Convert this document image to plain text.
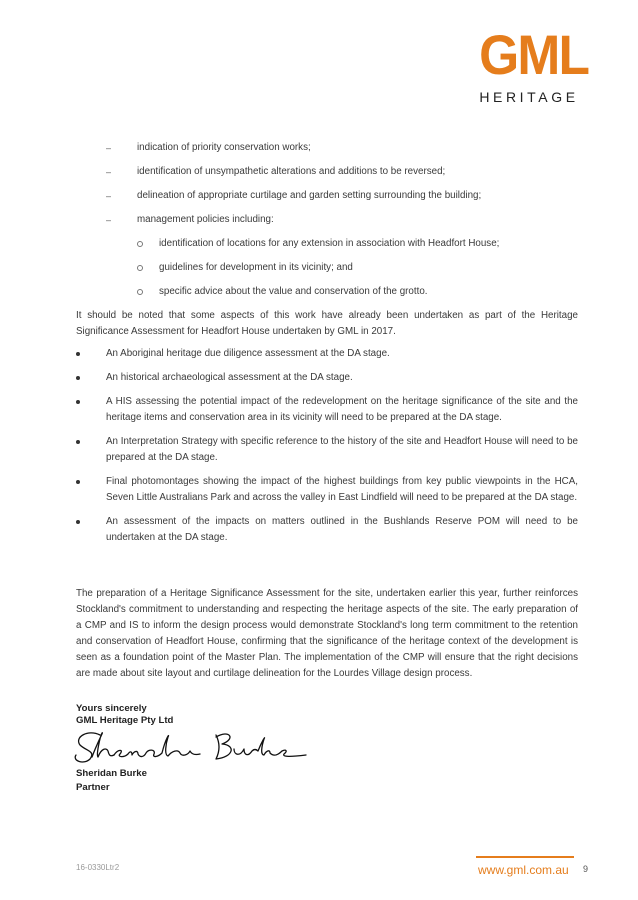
GML
HERITAGE
– indication of priority conservation works;
– identification of unsympathetic alterations and additions to be reversed;
– delineation of appropriate curtilage and garden setting surrounding the building;
– management policies including:
identification of locations for any extension in association with Headfort House;
guidelines for development in its vicinity; and
specific advice about the value and conservation of the grotto.

It should be noted that some aspects of this work have already been undertaken as part of the Heritage Significance Assessment for Headfort House undertaken by GML in 2017.

An Aboriginal heritage due diligence assessment at the DA stage.
An historical archaeological assessment at the DA stage.
A HIS assessing the potential impact of the redevelopment on the heritage significance of the site and the heritage items and conservation area in its vicinity will need to be prepared at the DA stage.
An Interpretation Strategy with specific reference to the history of the site and Headfort House will need to be prepared at the DA stage.
Final photomontages showing the impact of the highest buildings from key public viewpoints in the HCA, Seven Little Australians Park and across the valley in East Lindfield will need to be prepared at the DA stage.
An assessment of the impacts on matters outlined in the Bushlands Reserve POM will need to be undertaken at the DA stage.

The preparation of a Heritage Significance Assessment for the site, undertaken earlier this year, further reinforces Stockland's commitment to understanding and respecting the heritage aspects of the site. The early preparation of a CMP and IS to inform the design process would demonstrate Stockland's long term commitment to the retention and conservation of Headfort House, confirming that the significance of the heritage context of the development is seen as a foundation point of the Master Plan. The implementation of the CMP will ensure that the right decisions are made about site layout and curtilage delineation for the Lourdes Village design process.

Yours sincerely
GML Heritage Pty Ltd
Sheridan Burke
Partner
16-0330Ltr2	www.gml.com.au 9
